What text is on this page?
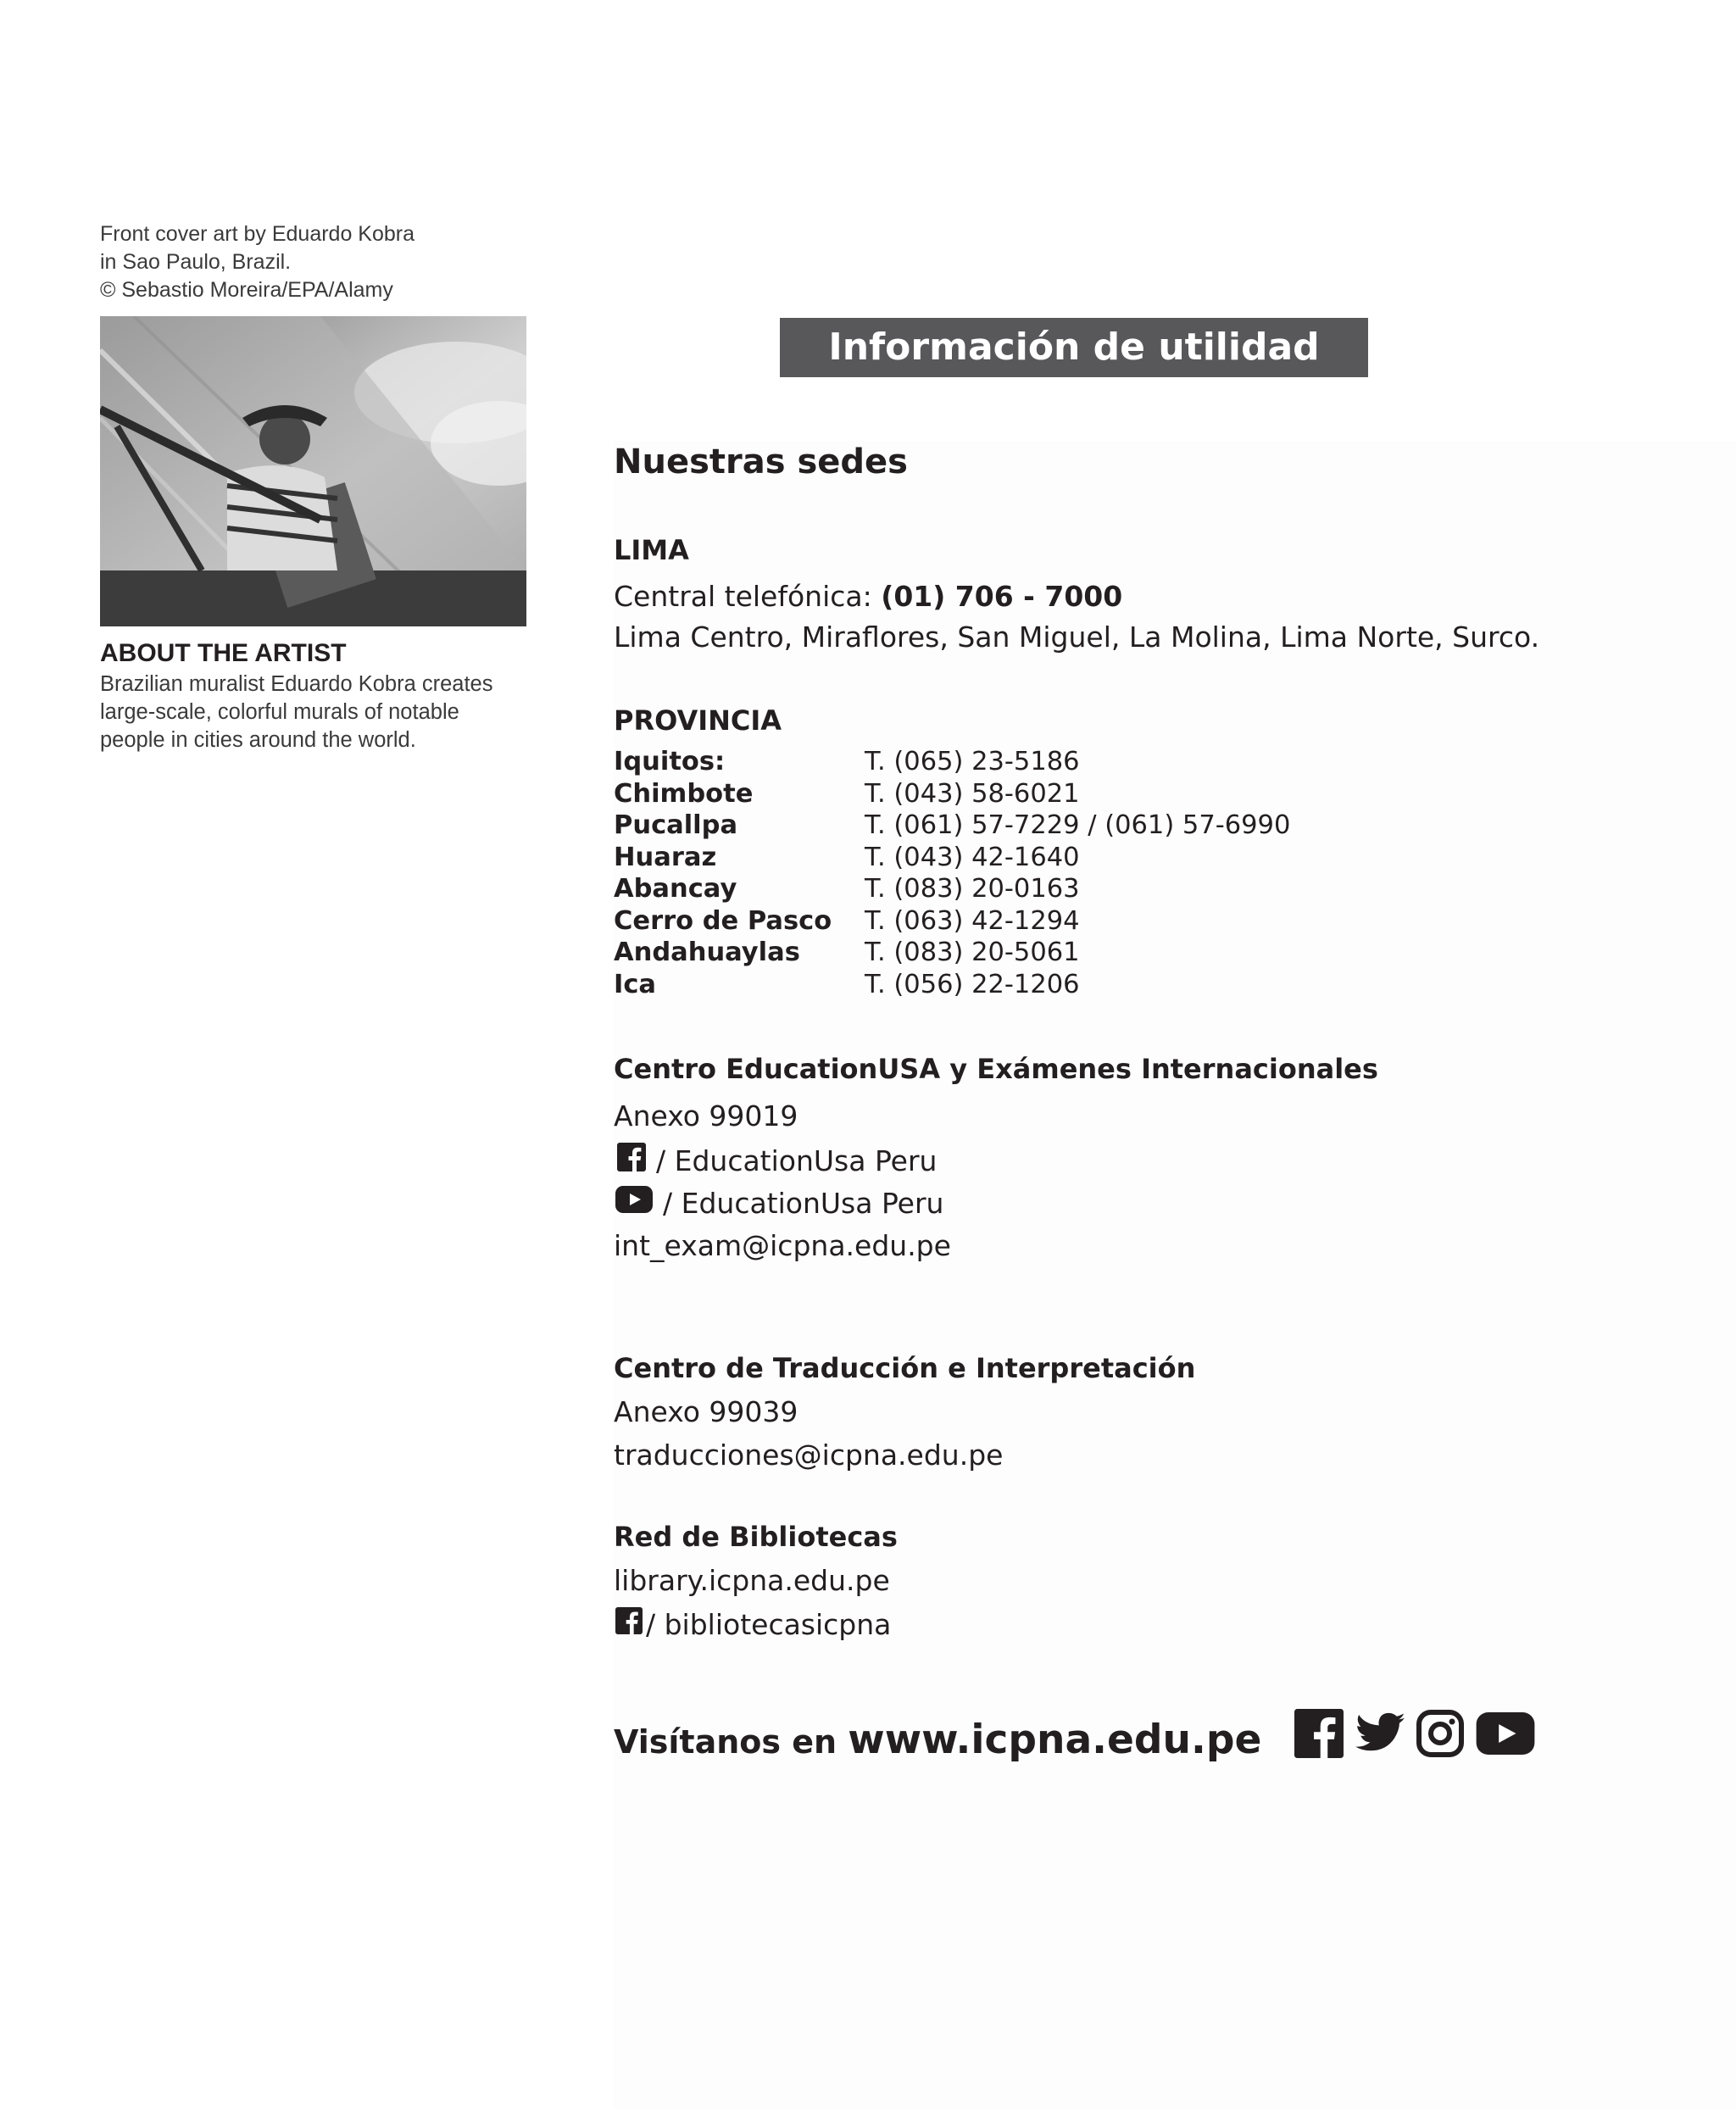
Front cover art by Eduardo Kobra
in Sao Paulo, Brazil.
© Sebastio Moreira/EPA/Alamy
ABOUT THE ARTIST
Brazilian muralist Eduardo Kobra creates
large-scale, colorful murals of notable
people in cities around the world.
Información de utilidad
Nuestras sedes
LIMA
Central telefónica: (01) 706 - 7000
Lima Centro, Miraflores, San Miguel, La Molina, Lima Norte, Surco.
PROVINCIA
Iquitos:	T. (065) 23-5186
Chimbote	T. (043) 58-6021
Pucallpa	T. (061) 57-7229 / (061) 57-6990
Huaraz	T. (043) 42-1640
Abancay	T. (083) 20-0163
Cerro de Pasco	T. (063) 42-1294
Andahuaylas	T. (083) 20-5061
Ica	T. (056) 22-1206
Centro EducationUSA y Exámenes Internacionales
Anexo 99019
/ EducationUsa Peru
/ EducationUsa Peru
int_exam@icpna.edu.pe
Centro de Traducción e Interpretación
Anexo 99039
traducciones@icpna.edu.pe
Red de Bibliotecas
library.icpna.edu.pe
/ bibliotecasicpna
Visítanos en www.icpna.edu.pe
